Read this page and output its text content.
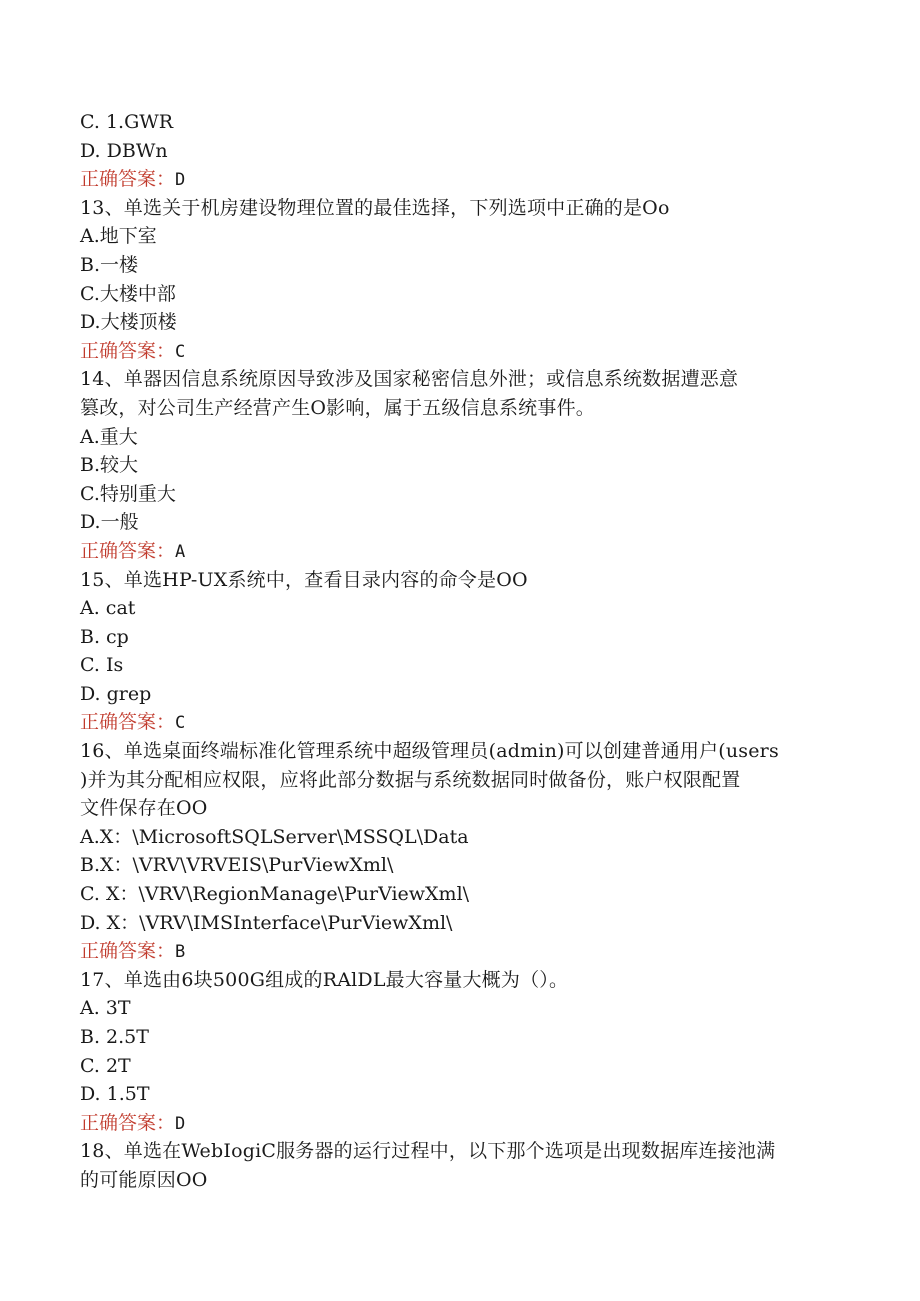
C. 1.GWR
D. DBWn
正确答案：D
13、单选关于机房建设物理位置的最佳选择，下列选项中正确的是Oo
A.地下室
B.一楼
C.大楼中部
D.大楼顶楼
正确答案：C
14、单器因信息系统原因导致涉及国家秘密信息外泄；或信息系统数据遭恶意
篡改，对公司生产经营产生O影响，属于五级信息系统事件。
A.重大
B.较大
C.特别重大
D.一般
正确答案：A
15、单选HP-UX系统中，查看目录内容的命令是OO
A. cat
B. cp
C. Is
D. grep
正确答案：C
16、单选桌面终端标准化管理系统中超级管理员(admin)可以创建普通用户(users
)并为其分配相应权限，应将此部分数据与系统数据同时做备份，账户权限配置
文件保存在OO
A.X：\MicrosoftSQLServer\MSSQL\Data
B.X：\VRV\VRVEIS\PurViewXml\
C. X：\VRV\RegionManage\PurViewXml\
D. X：\VRV\IMSInterface\PurViewXml\
正确答案：B
17、单选由6块500G组成的RAlDL最大容量大概为（）。
A. 3T
B. 2.5T
C. 2T
D. 1.5T
正确答案：D
18、单选在WebIogiC服务器的运行过程中，以下那个选项是出现数据库连接池满
的可能原因OO
